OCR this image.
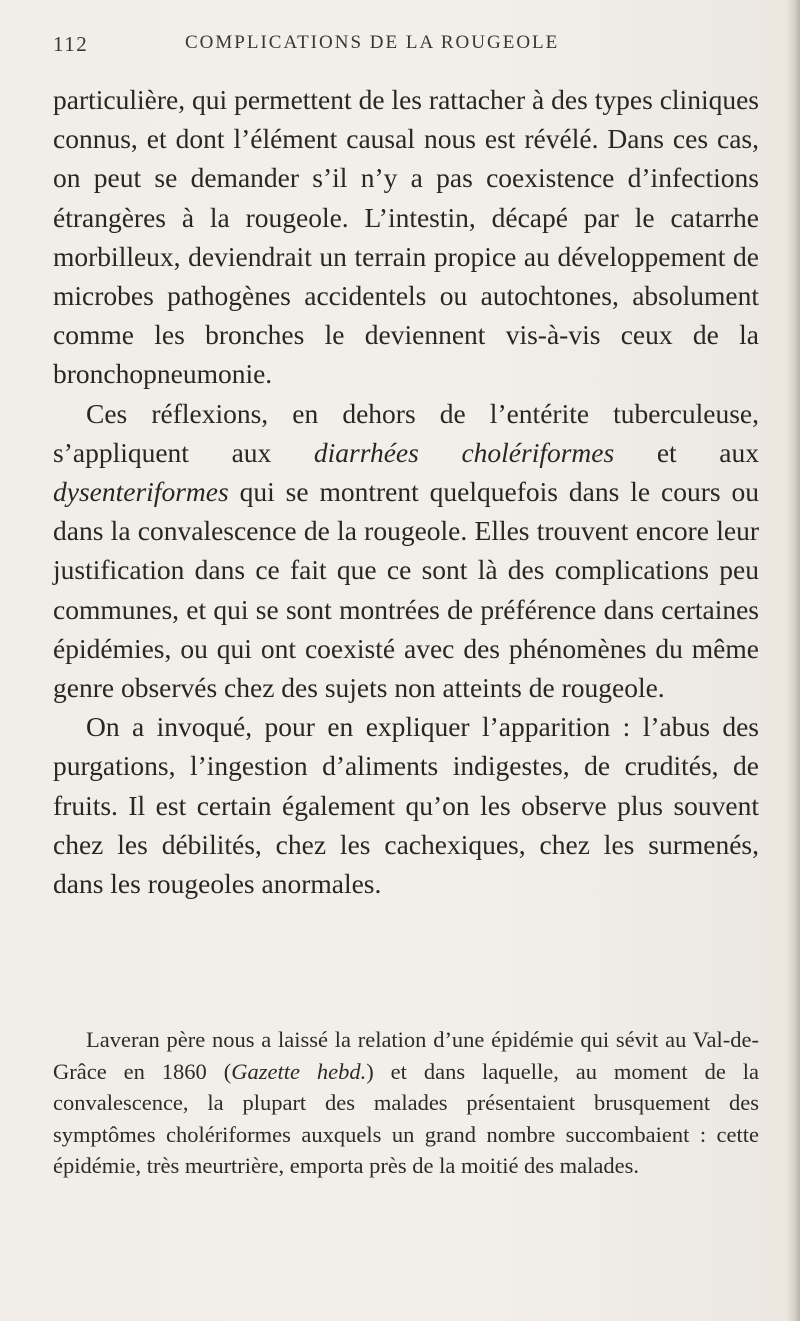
112	COMPLICATIONS DE LA ROUGEOLE

particulière, qui permettent de les rattacher à des types cliniques connus, et dont l’élément causal nous est révélé. Dans ces cas, on peut se demander s’il n’y a pas coexistence d’infections étrangères à la rougeole. L’intestin, décapé par le catarrhe morbilleux, deviendrait un terrain propice au développement de microbes pathogènes accidentels ou autochtones, absolument comme les bronches le deviennent vis-à-vis ceux de la bronchopneumonie.

Ces réflexions, en dehors de l’entérite tuberculeuse, s’appliquent aux diarrhées cholériformes et aux dysenteriformes qui se montrent quelquefois dans le cours ou dans la convalescence de la rougeole. Elles trouvent encore leur justification dans ce fait que ce sont là des complications peu communes, et qui se sont montrées de préférence dans certaines épidémies, ou qui ont coexisté avec des phénomènes du même genre observés chez des sujets non atteints de rougeole.

On a invoqué, pour en expliquer l’apparition : l’abus des purgations, l’ingestion d’aliments indigestes, de crudités, de fruits. Il est certain également qu’on les observe plus souvent chez les débilités, chez les cachexiques, chez les surmenés, dans les rougeoles anormales.

Laveran père nous a laissé la relation d’une épidémie qui sévit au Val-de-Grâce en 1860 (Gazette hebd.) et dans laquelle, au moment de la convalescence, la plupart des malades présentaient brusquement des symptômes cholériformes auxquels un grand nombre succombaient : cette épidémie, très meurtrière, emporta près de la moitié des malades.
